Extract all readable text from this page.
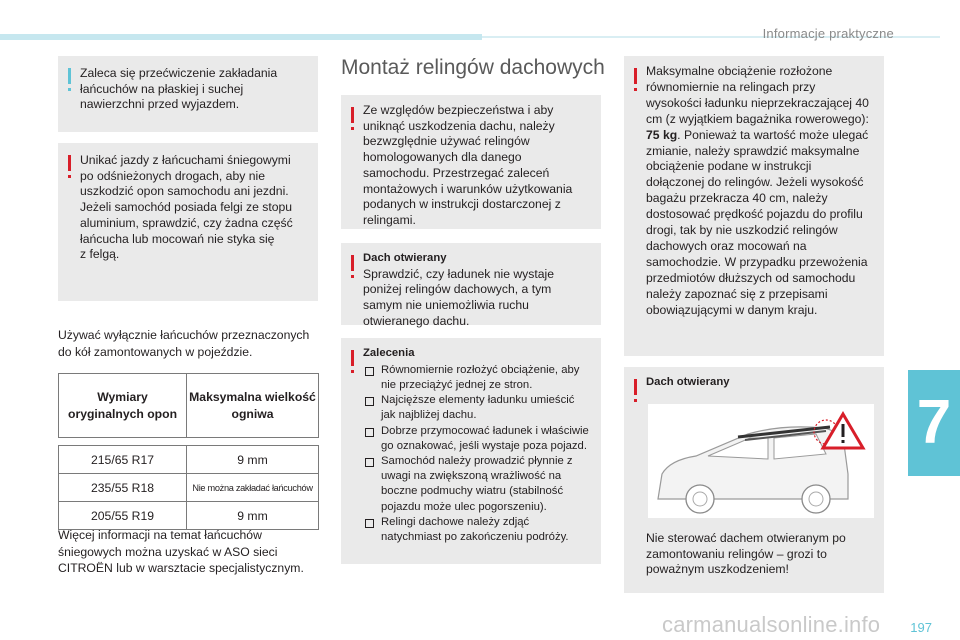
Informacje praktyczne
7
Zaleca się przećwiczenie zakładania łańcuchów na płaskiej i suchej nawierzchni przed wyjazdem.
Unikać jazdy z łańcuchami śniegowymi
po odśnieżonych drogach, aby nie
uszkodzić opon samochodu ani jezdni.
Jeżeli samochód posiada felgi ze stopu
aluminium, sprawdzić, czy żadna część
łańcucha lub mocowań nie styka się
z felgą.
Używać wyłącznie łańcuchów przeznaczonych do kół zamontowanych w pojeździe.
Wymiary oryginalnych opon	Maksymalna wielkość ogniwa

215/65 R17	9 mm
235/55 R18	Nie można zakładać łańcuchów
205/55 R19	9 mm
Więcej informacji na temat łańcuchów śniegowych można uzyskać w ASO sieci CITROËN lub w warsztacie specjalistycznym.
Montaż relingów dachowych
Ze względów bezpieczeństwa i aby uniknąć uszkodzenia dachu, należy bezwzględnie używać relingów homologowanych dla danego samochodu. Przestrzegać zaleceń montażowych i warunków użytkowania podanych w instrukcji dostarczonej z relingami.
Dach otwierany
Sprawdzić, czy ładunek nie wystaje poniżej relingów dachowych, a tym samym nie uniemożliwia ruchu otwieranego dachu.
Zalecenia
Równomiernie rozłożyć obciążenie, aby nie przeciążyć jednej ze stron.
Najcięższe elementy ładunku umieścić jak najbliżej dachu.
Dobrze przymocować ładunek i właściwie go oznakować, jeśli wystaje poza pojazd.
Samochód należy prowadzić płynnie z uwagi na zwiększoną wrażliwość na boczne podmuchy wiatru (stabilność pojazdu może ulec pogorszeniu).
Relingi dachowe należy zdjąć natychmiast po zakończeniu podróży.
Maksymalne obciążenie rozłożone równomiernie na relingach przy wysokości ładunku nieprzekraczającej 40 cm (z wyjątkiem bagażnika rowerowego): 75 kg. Ponieważ ta wartość może ulegać zmianie, należy sprawdzić maksymalne obciążenie podane w instrukcji dołączonej do relingów. Jeżeli wysokość bagażu przekracza 40 cm, należy dostosować prędkość pojazdu do profilu drogi, tak by nie uszkodzić relingów dachowych oraz mocowań na samochodzie. W przypadku przewożenia przedmiotów dłuższych od samochodu należy zapoznać się z przepisami obowiązującymi w danym kraju.
Dach otwierany
Nie sterować dachem otwieranym po zamontowaniu relingów – grozi to poważnym uszkodzeniem!
carmanualsonline.info 197
